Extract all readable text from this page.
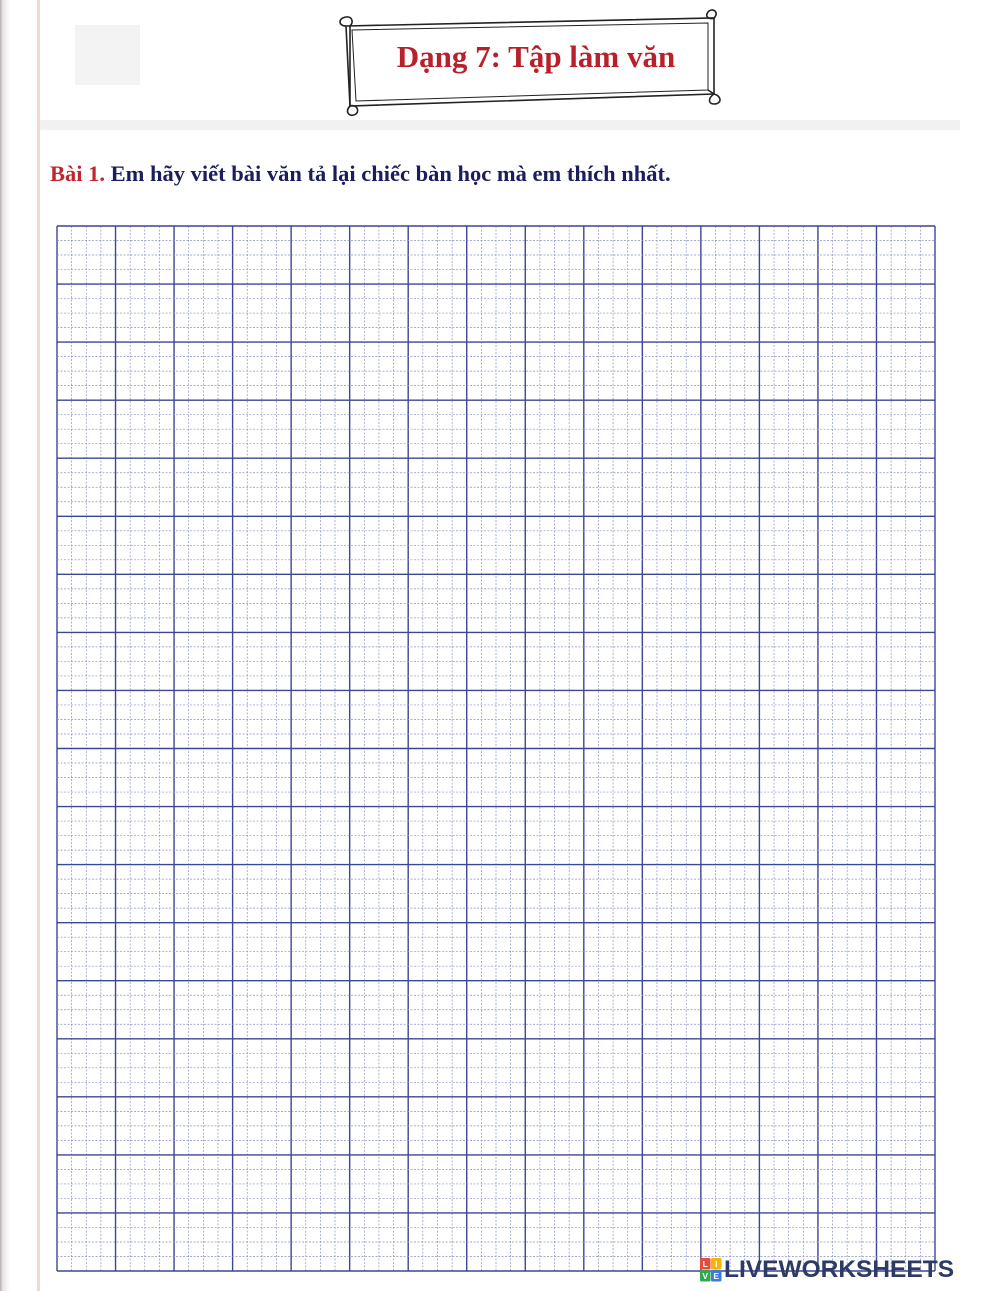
Dạng 7: Tập làm văn
Bài 1. Em hãy viết bài văn tả lại chiếc bàn học mà em thích nhất.
L I
V E LIVEWORKSHEETS
